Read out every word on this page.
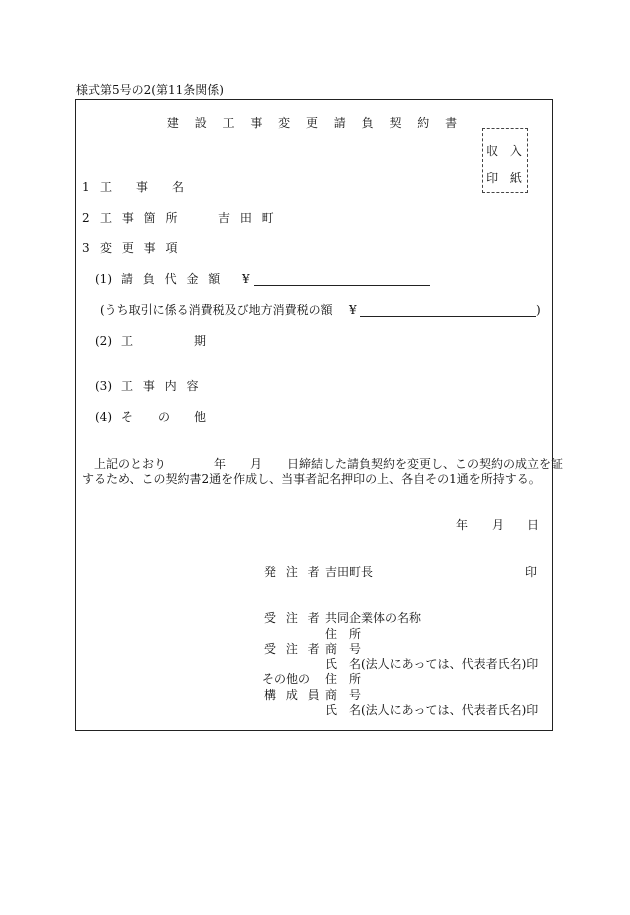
様式第5号の2(第11条関係)
建 設 工 事 変 更 請 負 契 約 書
収 入
印 紙
1 工 事 名
2 工 事 箇 所	吉 田 町
3 変 更 事 項
(1) 請 負 代 金 額 ¥
(うち取引に係る消費税及び地方消費税の額 ¥	)
(2) 工	期
(3) 工 事 内 容
(4) そ の 他
上記のとおり	年 月 日締結した請負契約を変更し、この契約の成立を証
するため、この契約書2通を作成し、当事者記名押印の上、各自その1通を所持する。
年 月 日
発 注 者 吉田町長	印
受 注 者 共同企業体の名称
住　所
受 注 者 商　号
氏　名(法人にあっては、代表者氏名)印
その他の 住　所
構 成 員 商　号
氏　名(法人にあっては、代表者氏名)印
